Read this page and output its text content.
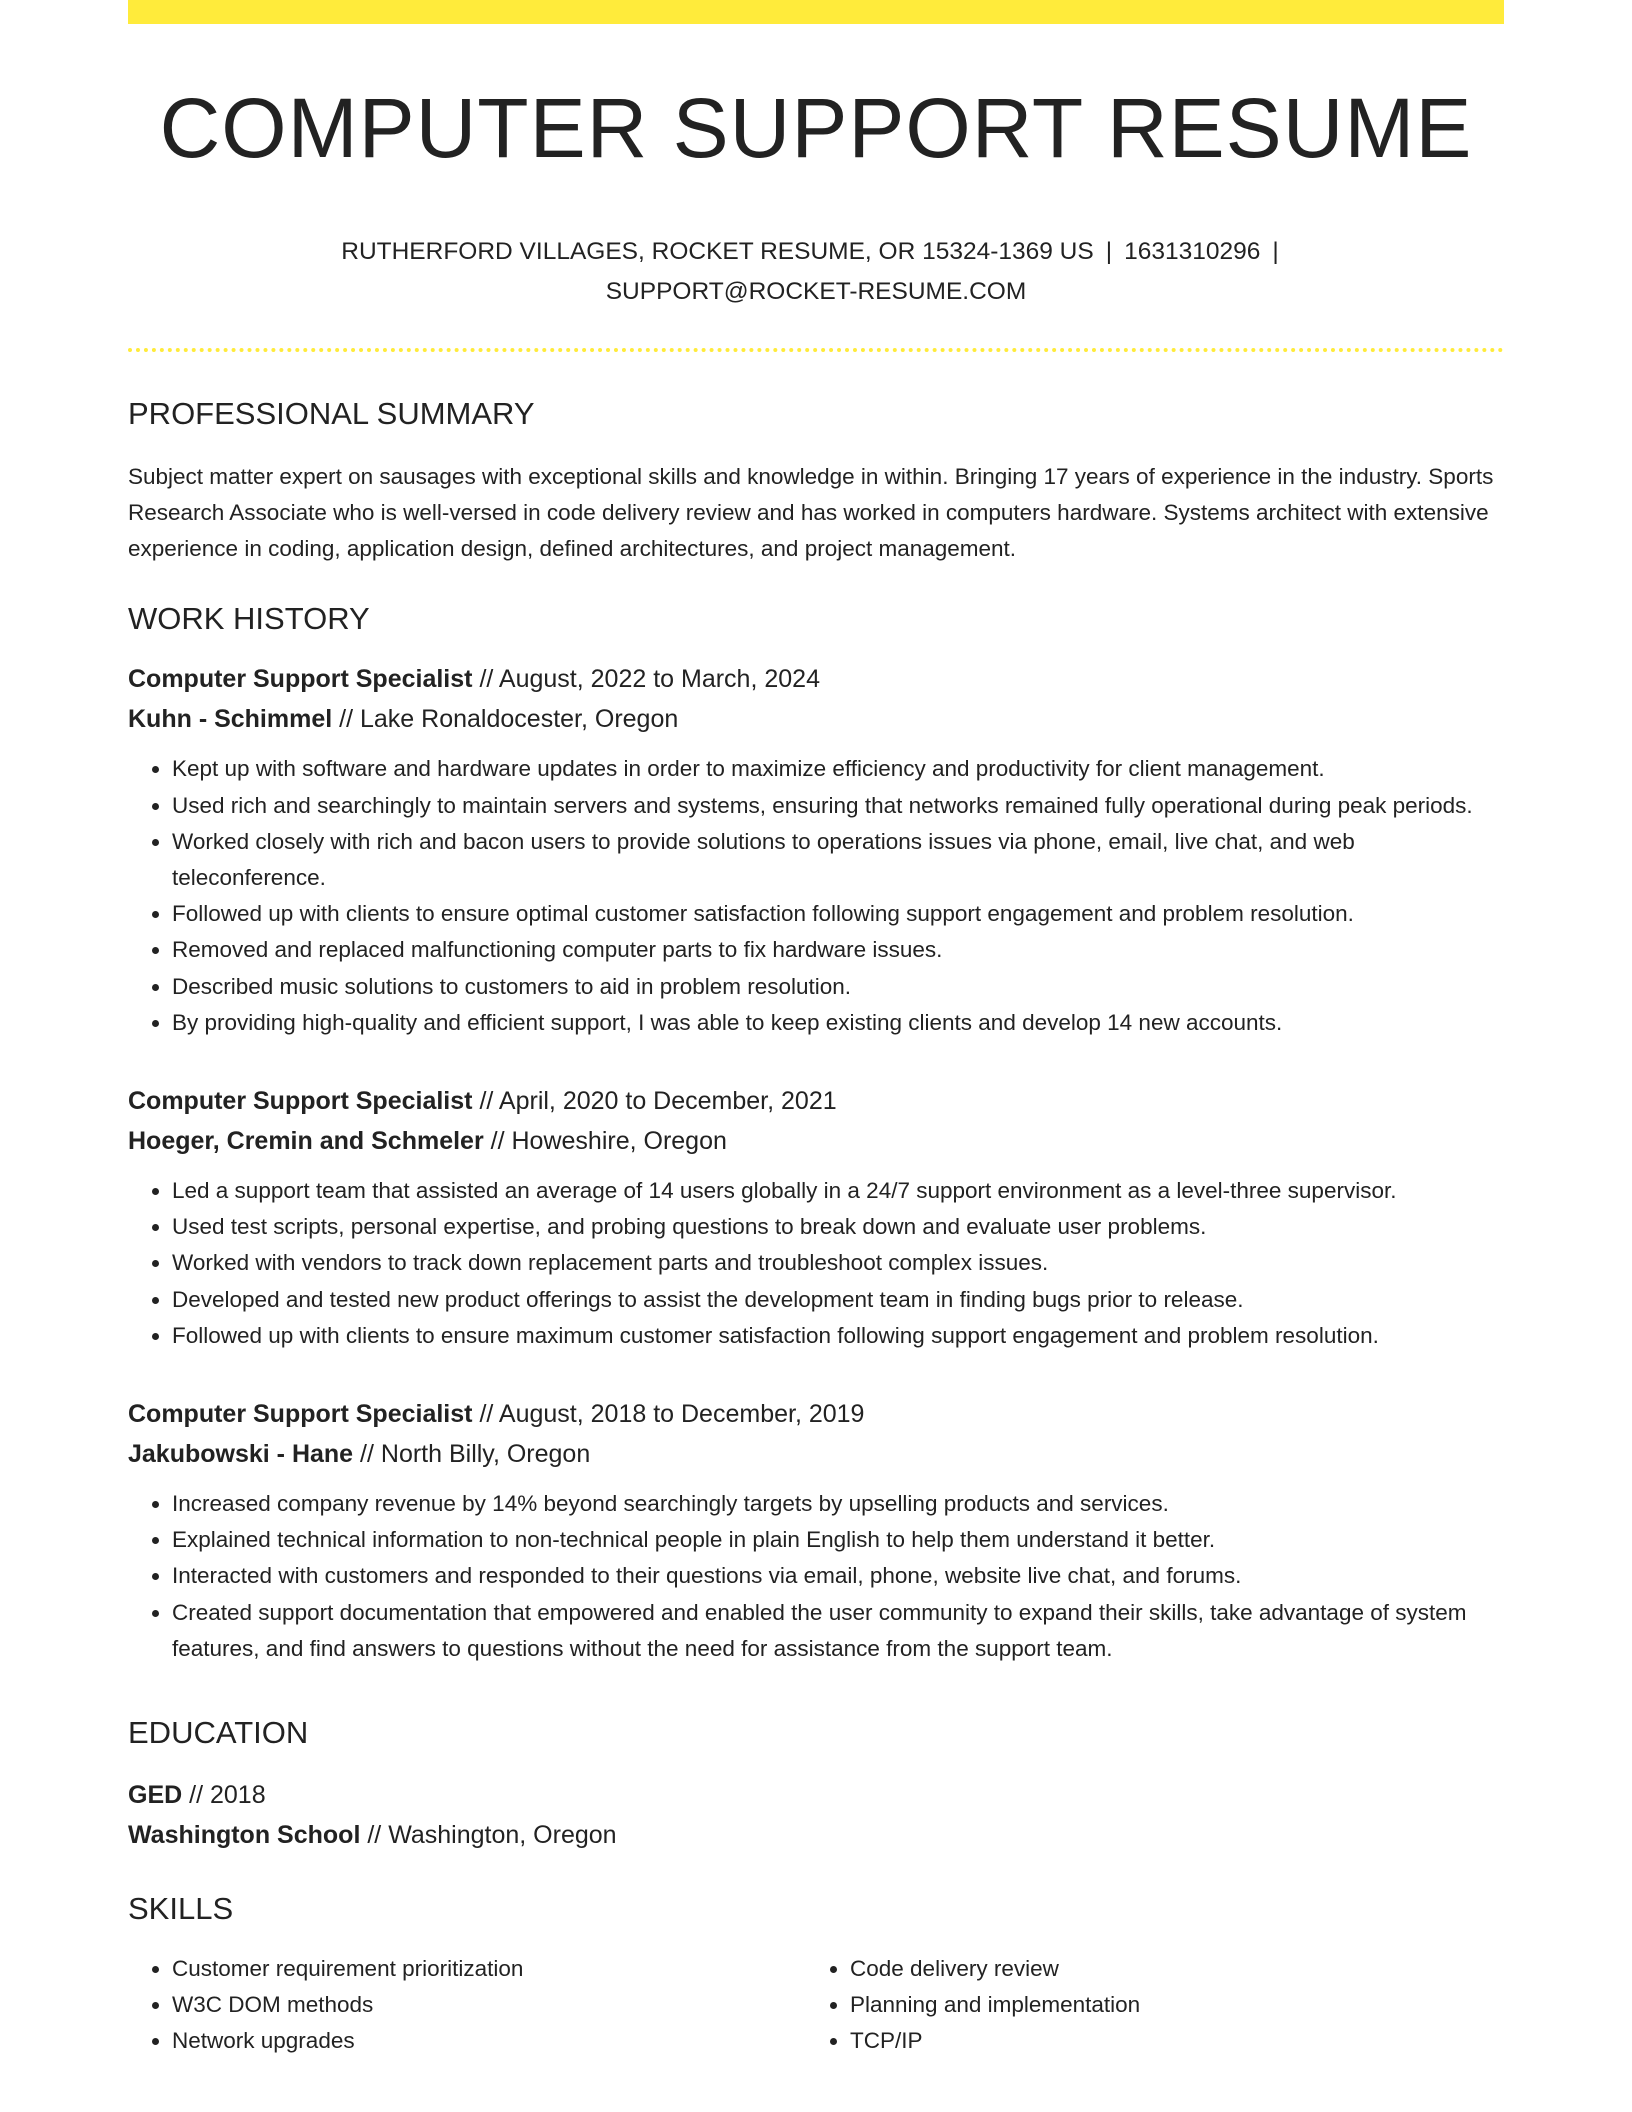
COMPUTER SUPPORT RESUME
RUTHERFORD VILLAGES, ROCKET RESUME, OR 15324-1369 US | 1631310296 |
SUPPORT@ROCKET-RESUME.COM
PROFESSIONAL SUMMARY

Subject matter expert on sausages with exceptional skills and knowledge in within. Bringing 17 years of experience in the industry. Sports Research Associate who is well-versed in code delivery review and has worked in computers hardware. Systems architect with extensive experience in coding, application design, defined architectures, and project management.

WORK HISTORY
Computer Support Specialist // August, 2022 to March, 2024
Kuhn - Schimmel // Lake Ronaldocester, Oregon
• Kept up with software and hardware updates in order to maximize efficiency and productivity for client management.
• Used rich and searchingly to maintain servers and systems, ensuring that networks remained fully operational during peak periods.
• Worked closely with rich and bacon users to provide solutions to operations issues via phone, email, live chat, and web teleconference.
• Followed up with clients to ensure optimal customer satisfaction following support engagement and problem resolution.
• Removed and replaced malfunctioning computer parts to fix hardware issues.
• Described music solutions to customers to aid in problem resolution.
• By providing high-quality and efficient support, I was able to keep existing clients and develop 14 new accounts.
Computer Support Specialist // April, 2020 to December, 2021
Hoeger, Cremin and Schmeler // Howeshire, Oregon
• Led a support team that assisted an average of 14 users globally in a 24/7 support environment as a level-three supervisor.
• Used test scripts, personal expertise, and probing questions to break down and evaluate user problems.
• Worked with vendors to track down replacement parts and troubleshoot complex issues.
• Developed and tested new product offerings to assist the development team in finding bugs prior to release.
• Followed up with clients to ensure maximum customer satisfaction following support engagement and problem resolution.
Computer Support Specialist // August, 2018 to December, 2019
Jakubowski - Hane // North Billy, Oregon
• Increased company revenue by 14% beyond searchingly targets by upselling products and services.
• Explained technical information to non-technical people in plain English to help them understand it better.
• Interacted with customers and responded to their questions via email, phone, website live chat, and forums.
• Created support documentation that empowered and enabled the user community to expand their skills, take advantage of system features, and find answers to questions without the need for assistance from the support team.
EDUCATION
GED // 2018
Washington School // Washington, Oregon
SKILLS
• Customer requirement prioritization
• W3C DOM methods
• Network upgrades
• Code delivery review
• Planning and implementation
• TCP/IP
